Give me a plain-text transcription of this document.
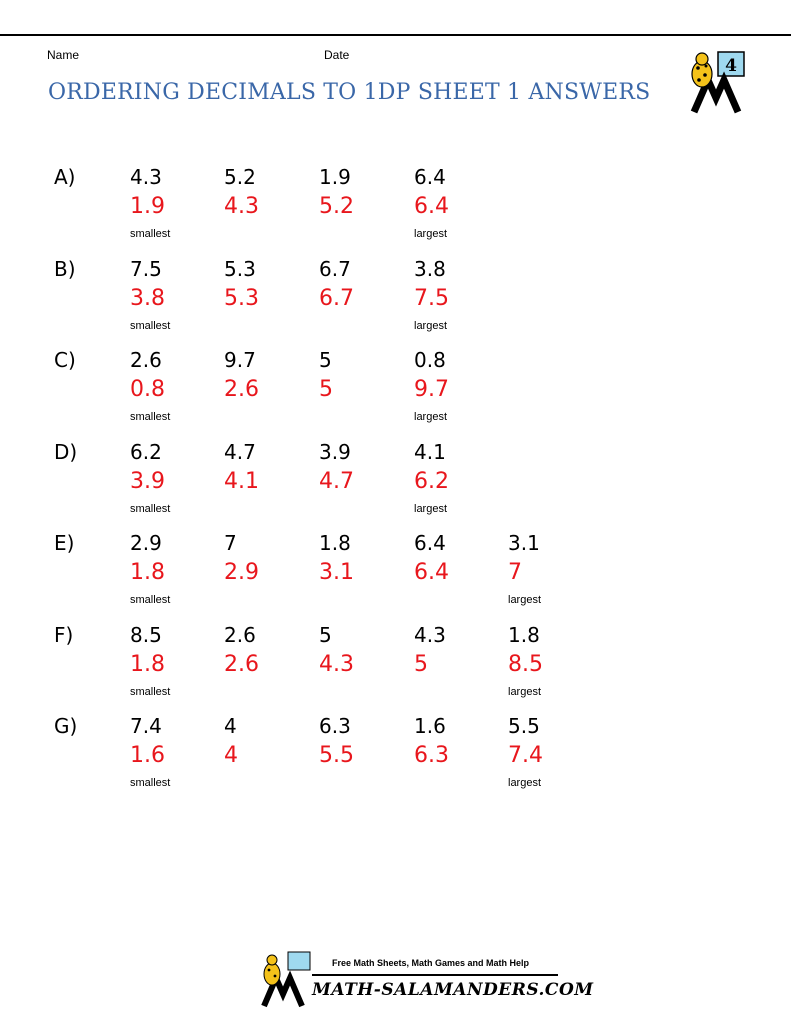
Name	Date
ORDERING DECIMALS TO 1DP SHEET 1 ANSWERS
4
A)	4.3	5.2	1.9	6.4
1.9	4.3	5.2	6.4
smallest	largest
B)	7.5	5.3	6.7	3.8
3.8	5.3	6.7	7.5
smallest	largest
C)	2.6	9.7	5	0.8
0.8	2.6	5	9.7
smallest	largest
D)	6.2	4.7	3.9	4.1
3.9	4.1	4.7	6.2
smallest	largest
E)	2.9	7	1.8	6.4	3.1
1.8	2.9	3.1	6.4	7
smallest	largest
F)	8.5	2.6	5	4.3	1.8
1.8	2.6	4.3	5	8.5
smallest	largest
G)	7.4	4	6.3	1.6	5.5
1.6	4	5.5	6.3	7.4
smallest	largest
Free Math Sheets, Math Games and Math Help
MATH-SALAMANDERS.COM
